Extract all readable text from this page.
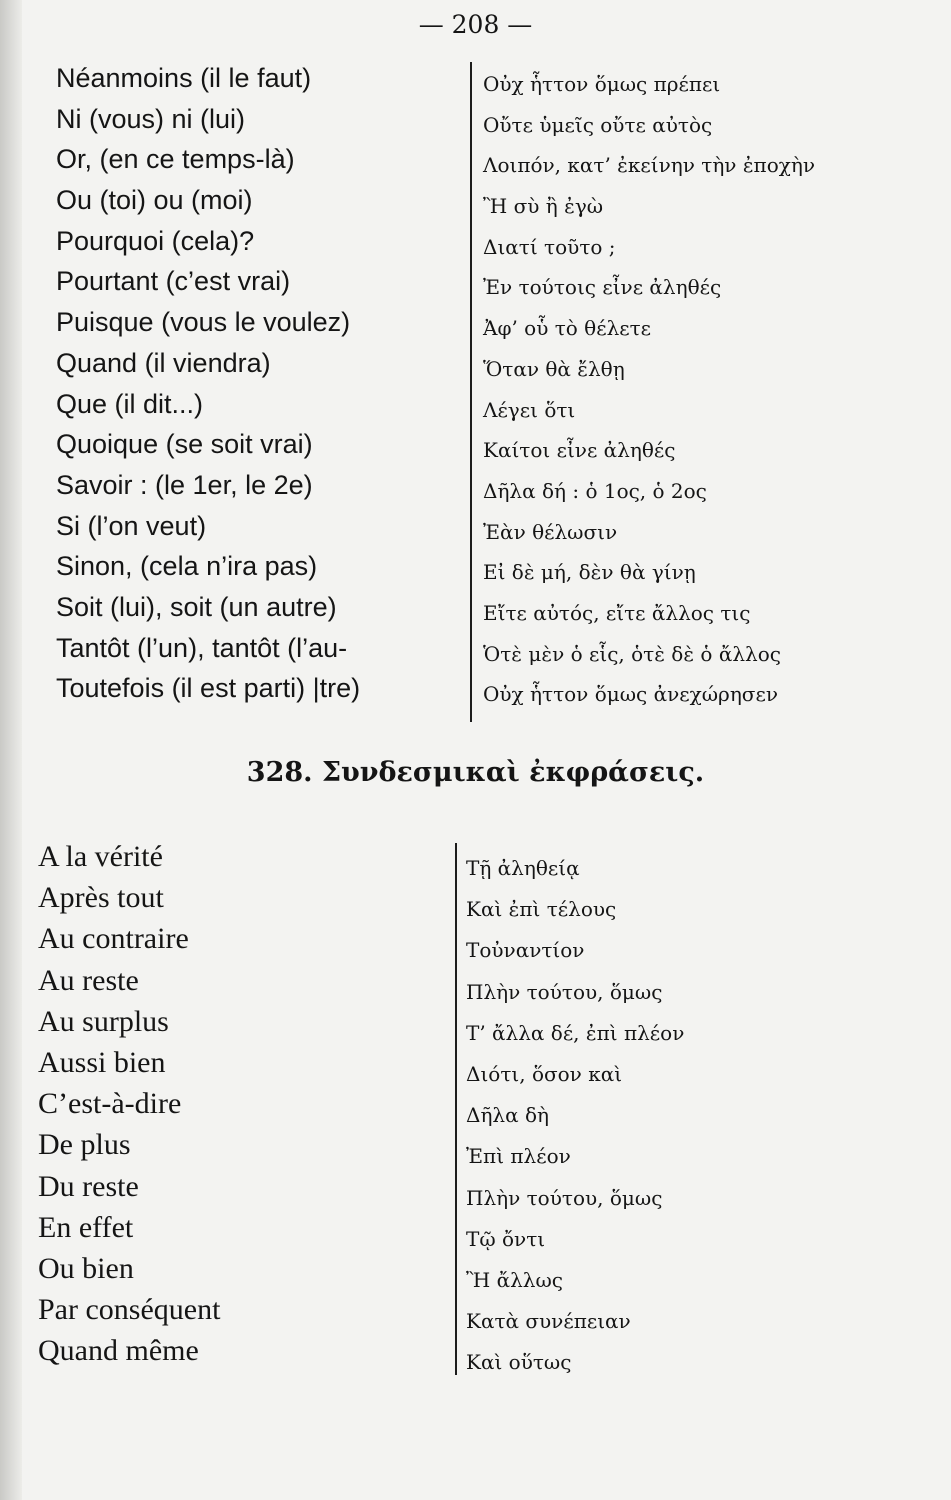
— 208 —
Néanmoins (il le faut)
Ni (vous) ni (lui)
Or, (en ce temps-là)
Ou (toi) ou (moi)
Pourquoi (cela)?
Pourtant (c’est vrai)
Puisque (vous le voulez)
Quand (il viendra)
Que (il dit...)
Quoique (se soit vrai)
Savoir : (le 1er, le 2e)
Si (l’on veut)
Sinon, (cela n’ira pas)
Soit (lui), soit (un autre)
Tantôt (l’un), tantôt (l’au-
Toutefois (il est parti) |tre)
Οὐχ ἧττον ὅμως πρέπει
Οὔτε ὑμεῖς οὔτε αὐτὸς
Λοιπόν, κατ’ ἐκείνην τὴν ἐποχὴν
Ἢ σὺ ἢ ἐγὼ
Διατί τοῦτο ;
Ἐν τούτοις εἶνε ἀληθές
Ἀφ’ οὗ τὸ θέλετε
Ὅταν θὰ ἔλθῃ
Λέγει ὅτι
Καίτοι εἶνε ἀληθές
Δῆλα δή : ὁ 1ος, ὁ 2ος
Ἐὰν θέλωσιν
Εἰ δὲ μή, δὲν θὰ γίνῃ
Εἴτε αὐτός, εἴτε ἄλλος τις
Ὁτὲ μὲν ὁ εἷς, ὁτὲ δὲ ὁ ἄλλος
Οὐχ ἧττον ὅμως ἀνεχώρησεν
328. Συνδεσμικαὶ ἐκφράσεις.
A la vérité
Après tout
Au contraire
Au reste
Au surplus
Aussi bien
C’est-à-dire
De plus
Du reste
En effet
Ou bien
Par conséquent
Quand même
Τῇ ἀληθείᾳ
Καὶ ἐπὶ τέλους
Τοὐναντίον
Πλὴν τούτου, ὅμως
Τ’ ἄλλα δέ, ἐπὶ πλέον
Διότι, ὅσον καὶ
Δῆλα δὴ
Ἐπὶ πλέον
Πλὴν τούτου, ὅμως
Τῷ ὄντι
Ἢ ἄλλως
Κατὰ συνέπειαν
Καὶ οὕτως
